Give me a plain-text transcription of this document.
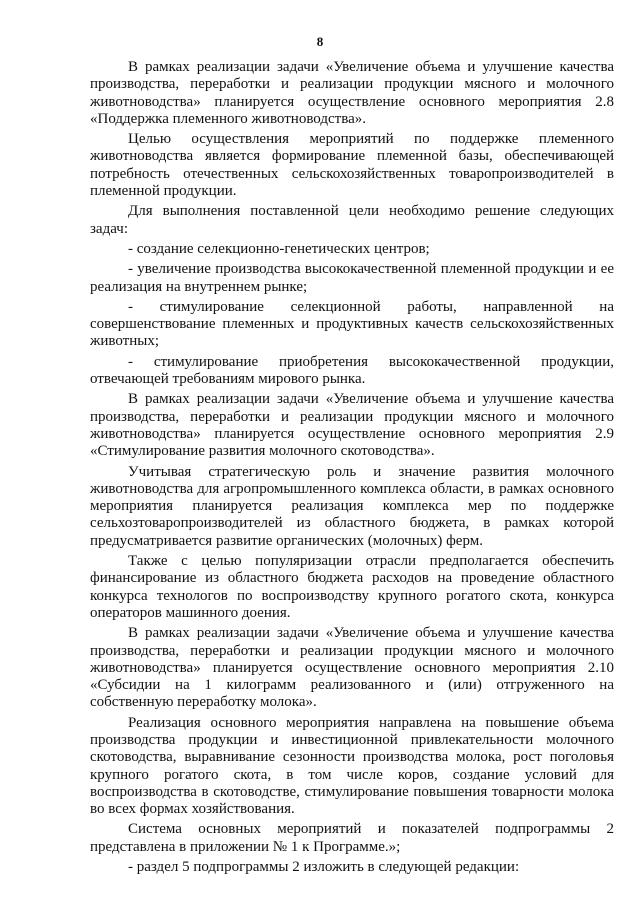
8

В рамках реализации задачи «Увеличение объема и улучшение качества производства, переработки и реализации продукции мясного и молочного животноводства» планируется осуществление основного мероприятия 2.8 «Поддержка племенного животноводства».

Целью осуществления мероприятий по поддержке племенного животноводства является формирование племенной базы, обеспечивающей потребность отечественных сельскохозяйственных товаропроизводителей в племенной продукции.

Для выполнения поставленной цели необходимо решение следующих задач:

- создание селекционно-генетических центров;

- увеличение производства высококачественной племенной продукции и ее реализация на внутреннем рынке;

- стимулирование селекционной работы, направленной на совершенствование племенных и продуктивных качеств сельскохозяйственных животных;

- стимулирование приобретения высококачественной продукции, отвечающей требованиям мирового рынка.

В рамках реализации задачи «Увеличение объема и улучшение качества производства, переработки и реализации продукции мясного и молочного животноводства» планируется осуществление основного мероприятия 2.9 «Стимулирование развития молочного скотоводства».

Учитывая стратегическую роль и значение развития молочного животноводства для агропромышленного комплекса области, в рамках основного мероприятия планируется реализация комплекса мер по поддержке сельхозтоваропроизводителей из областного бюджета, в рамках которой предусматривается развитие органических (молочных) ферм.

Также с целью популяризации отрасли предполагается обеспечить финансирование из областного бюджета расходов на проведение областного конкурса технологов по воспроизводству крупного рогатого скота, конкурса операторов машинного доения.

В рамках реализации задачи «Увеличение объема и улучшение качества производства, переработки и реализации продукции мясного и молочного животноводства» планируется осуществление основного мероприятия 2.10 «Субсидии на 1 килограмм реализованного и (или) отгруженного на собственную переработку молока».

Реализация основного мероприятия направлена на повышение объема производства продукции и инвестиционной привлекательности молочного скотоводства, выравнивание сезонности производства молока, рост поголовья крупного рогатого скота, в том числе коров, создание условий для воспроизводства в скотоводстве, стимулирование повышения товарности молока во всех формах хозяйствования.

Система основных мероприятий и показателей подпрограммы 2 представлена в приложении № 1 к Программе.»;

- раздел 5 подпрограммы 2 изложить в следующей редакции:
